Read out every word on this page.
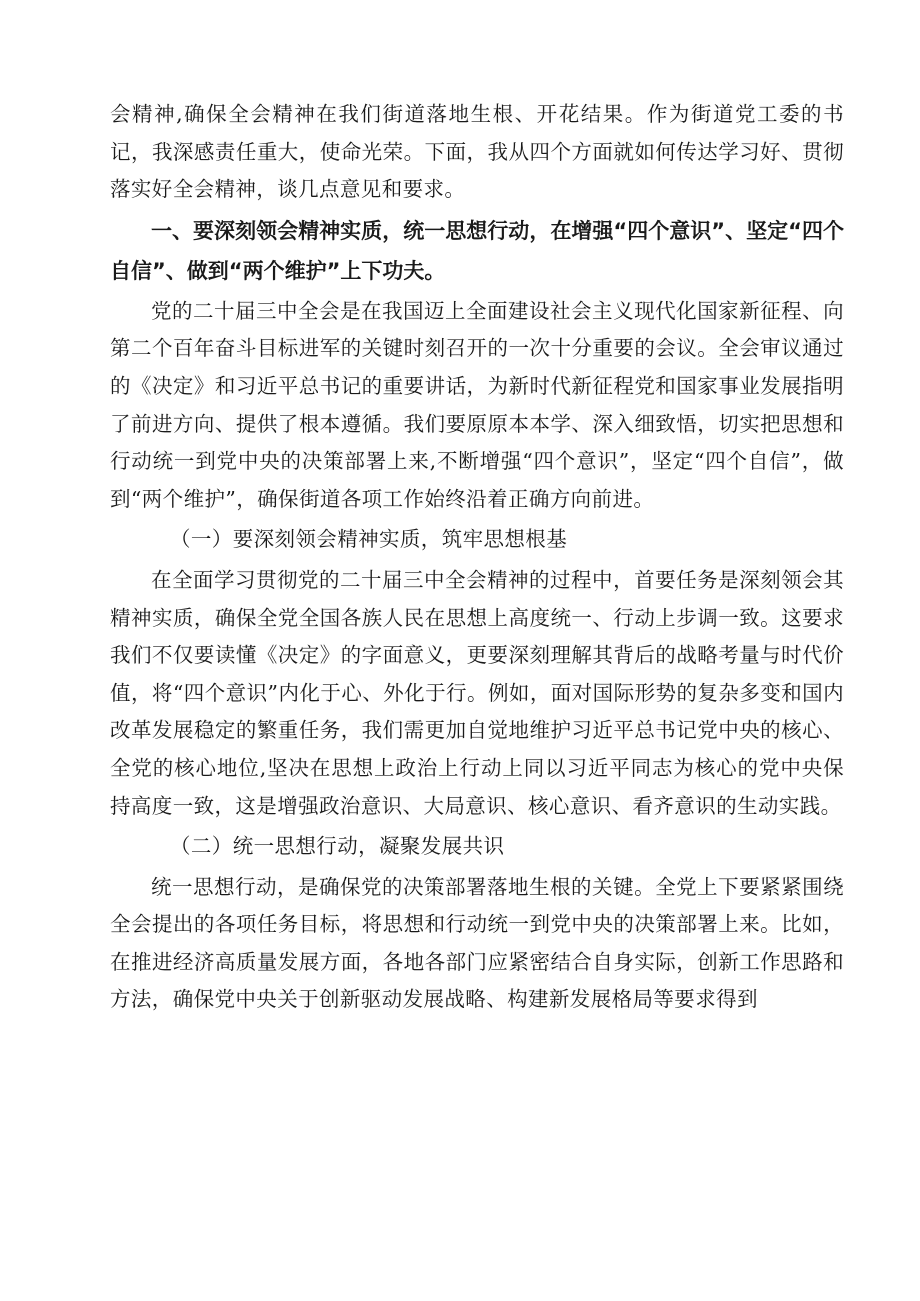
会精神,确保全会精神在我们街道落地生根、开花结果。作为街道党工委的书记，我深感责任重大，使命光荣。下面，我从四个方面就如何传达学习好、贯彻落实好全会精神，谈几点意见和要求。

一、要深刻领会精神实质，统一思想行动，在增强“四个意识”、坚定“四个自信”、做到“两个维护”上下功夫。

党的二十届三中全会是在我国迈上全面建设社会主义现代化国家新征程、向第二个百年奋斗目标进军的关键时刻召开的一次十分重要的会议。全会审议通过的《决定》和习近平总书记的重要讲话，为新时代新征程党和国家事业发展指明了前进方向、提供了根本遵循。我们要原原本本学、深入细致悟，切实把思想和行动统一到党中央的决策部署上来,不断增强“四个意识”，坚定“四个自信”，做到“两个维护”，确保街道各项工作始终沿着正确方向前进。

（一）要深刻领会精神实质，筑牢思想根基

在全面学习贯彻党的二十届三中全会精神的过程中，首要任务是深刻领会其精神实质，确保全党全国各族人民在思想上高度统一、行动上步调一致。这要求我们不仅要读懂《决定》的字面意义，更要深刻理解其背后的战略考量与时代价值，将“四个意识”内化于心、外化于行。例如，面对国际形势的复杂多变和国内改革发展稳定的繁重任务，我们需更加自觉地维护习近平总书记党中央的核心、全党的核心地位,坚决在思想上政治上行动上同以习近平同志为核心的党中央保持高度一致，这是增强政治意识、大局意识、核心意识、看齐意识的生动实践。

（二）统一思想行动，凝聚发展共识

统一思想行动，是确保党的决策部署落地生根的关键。全党上下要紧紧围绕全会提出的各项任务目标，将思想和行动统一到党中央的决策部署上来。比如，在推进经济高质量发展方面，各地各部门应紧密结合自身实际，创新工作思路和方法，确保党中央关于创新驱动发展战略、构建新发展格局等要求得到
